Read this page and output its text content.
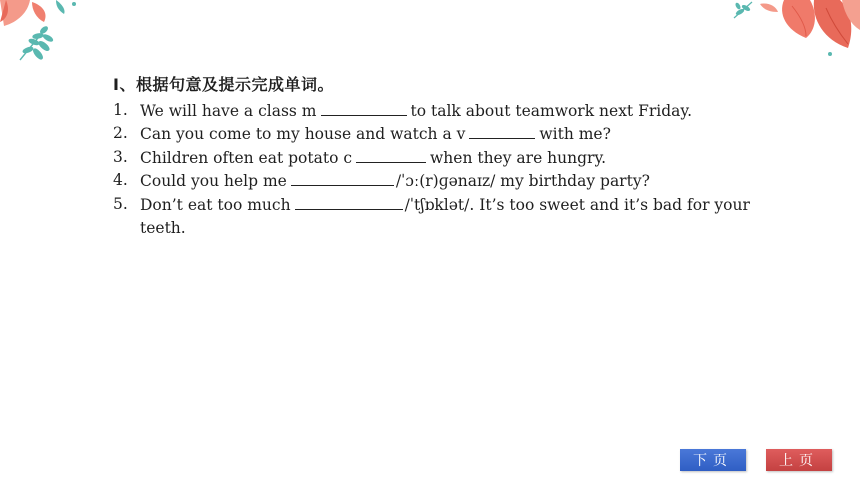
Ⅰ、根据句意及提示完成单词。
1. We will have a class m	to talk about teamwork next Friday.
2. Can you come to my house and watch a v	with me?
3. Children often eat potato c	when they are hungry.
4. Could you help me	/ˈɔː(r)ɡənaɪz/ my birthday party?
5. Don’t eat too much	/ˈtʃɒklət/. It’s too sweet and it’s bad for your teeth.
下页	上页
